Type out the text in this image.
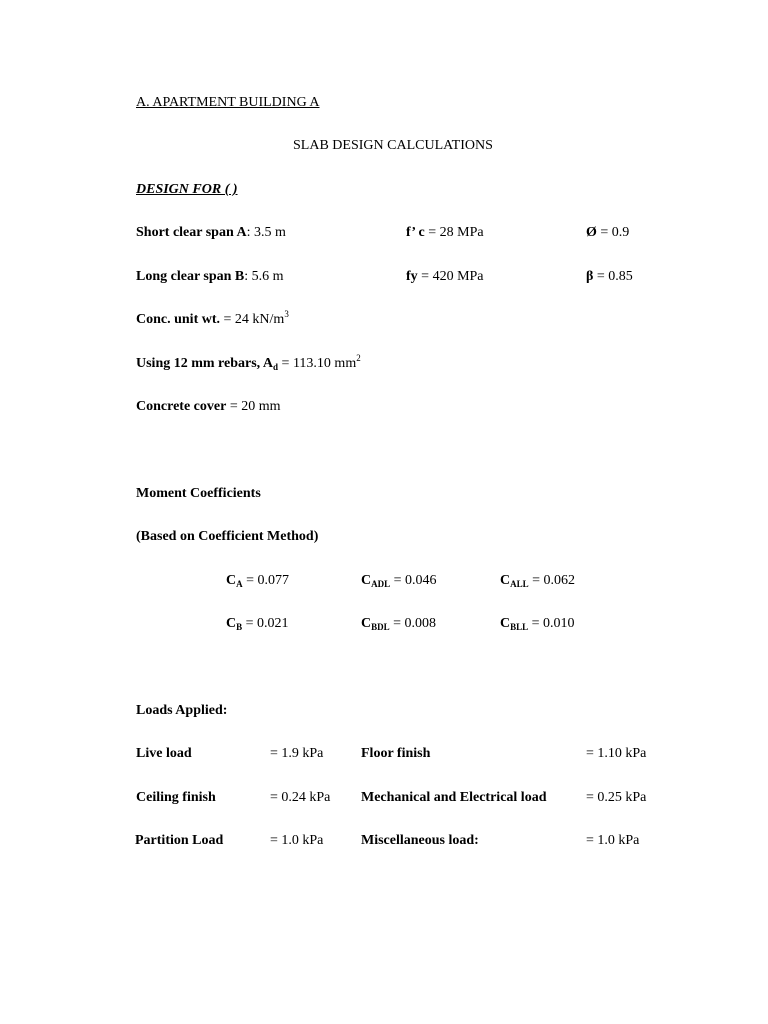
A. APARTMENT BUILDING A
SLAB DESIGN CALCULATIONS
DESIGN FOR ( )
Short clear span A: 3.5 m	f’ c = 28 MPa	Ø = 0.9
Long clear span B: 5.6 m	fy = 420 MPa	β = 0.85
Conc. unit wt. = 24 $kN/m^3$
Using 12 mm rebars, $A_d = 113.10$ $mm^2$
Concrete cover = 20 mm
Moment Coefficients
(Based on Coefficient Method)
$C_A = 0.077$	$C_{ADL} = 0.046$	$C_{ALL} = 0.062$
$C_B = 0.021$	$C_{BDL} = 0.008$	$C_{BLL} = 0.010$
Loads Applied:
Live load	= 1.9 kPa	Floor finish	= 1.10 kPa
Ceiling finish	= 0.24 kPa Mechanical and Electrical load	= 0.25 kPa
Partition Load	= 1.0 kPa	Miscellaneous load:	= 1.0 kPa
